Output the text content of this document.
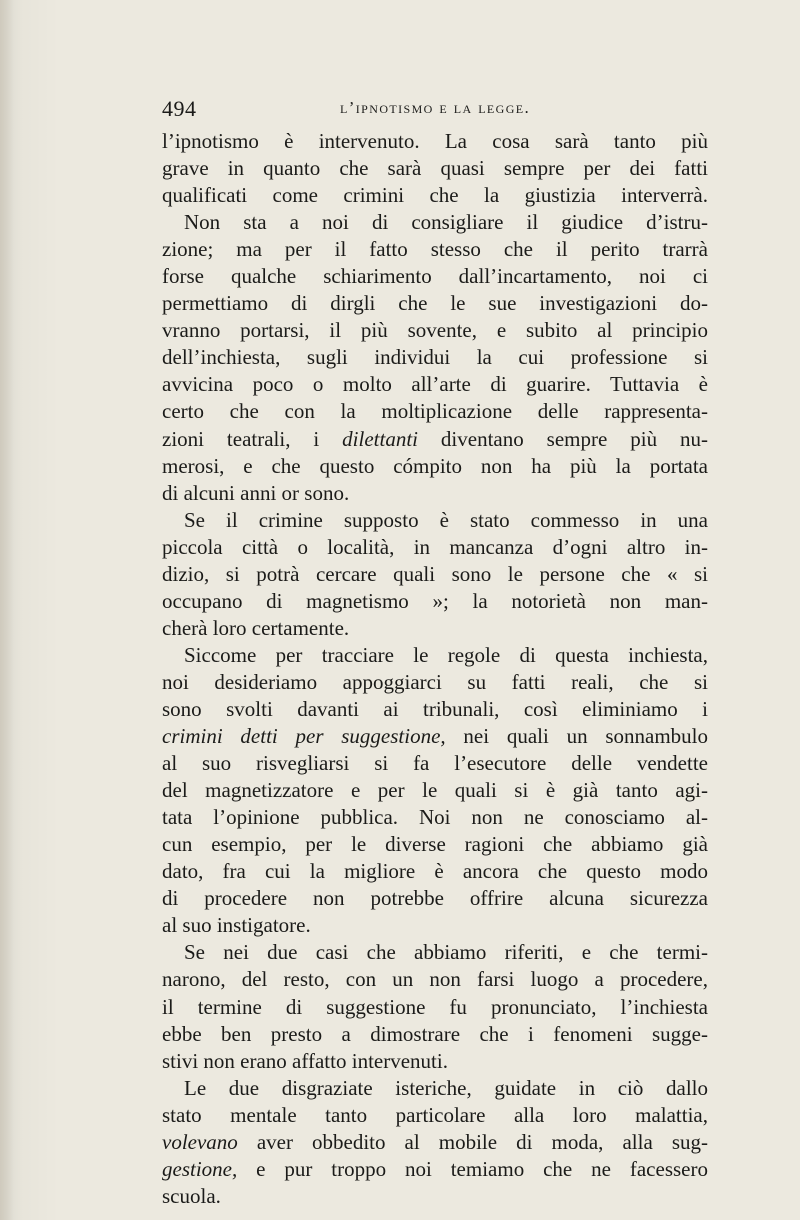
494	l’ipnotismo e la legge.
l’ipnotismo è intervenuto. La cosa sarà tanto più
grave in quanto che sarà quasi sempre per dei fatti
qualificati come crimini che la giustizia interverrà.
Non sta a noi di consigliare il giudice d’istru-
zione; ma per il fatto stesso che il perito trarrà
forse qualche schiarimento dall’incartamento, noi ci
permettiamo di dirgli che le sue investigazioni do-
vranno portarsi, il più sovente, e subito al principio
dell’inchiesta, sugli individui la cui professione si
avvicina poco o molto all’arte di guarire. Tuttavia è
certo che con la moltiplicazione delle rappresenta-
zioni teatrali, i dilettanti diventano sempre più nu-
merosi, e che questo cómpito non ha più la portata
di alcuni anni or sono.
Se il crimine supposto è stato commesso in una
piccola città o località, in mancanza d’ogni altro in-
dizio, si potrà cercare quali sono le persone che « si
occupano di magnetismo »; la notorietà non man-
cherà loro certamente.
Siccome per tracciare le regole di questa inchiesta,
noi desideriamo appoggiarci su fatti reali, che si
sono svolti davanti ai tribunali, così eliminiamo i
crimini detti per suggestione, nei quali un sonnambulo
al suo risvegliarsi si fa l’esecutore delle vendette
del magnetizzatore e per le quali si è già tanto agi-
tata l’opinione pubblica. Noi non ne conosciamo al-
cun esempio, per le diverse ragioni che abbiamo già
dato, fra cui la migliore è ancora che questo modo
di procedere non potrebbe offrire alcuna sicurezza
al suo instigatore.
Se nei due casi che abbiamo riferiti, e che termi-
narono, del resto, con un non farsi luogo a procedere,
il termine di suggestione fu pronunciato, l’inchiesta
ebbe ben presto a dimostrare che i fenomeni sugge-
stivi non erano affatto intervenuti.
Le due disgraziate isteriche, guidate in ciò dallo
stato mentale tanto particolare alla loro malattia,
volevano aver obbedito al mobile di moda, alla sug-
gestione, e pur troppo noi temiamo che ne facessero
scuola.
